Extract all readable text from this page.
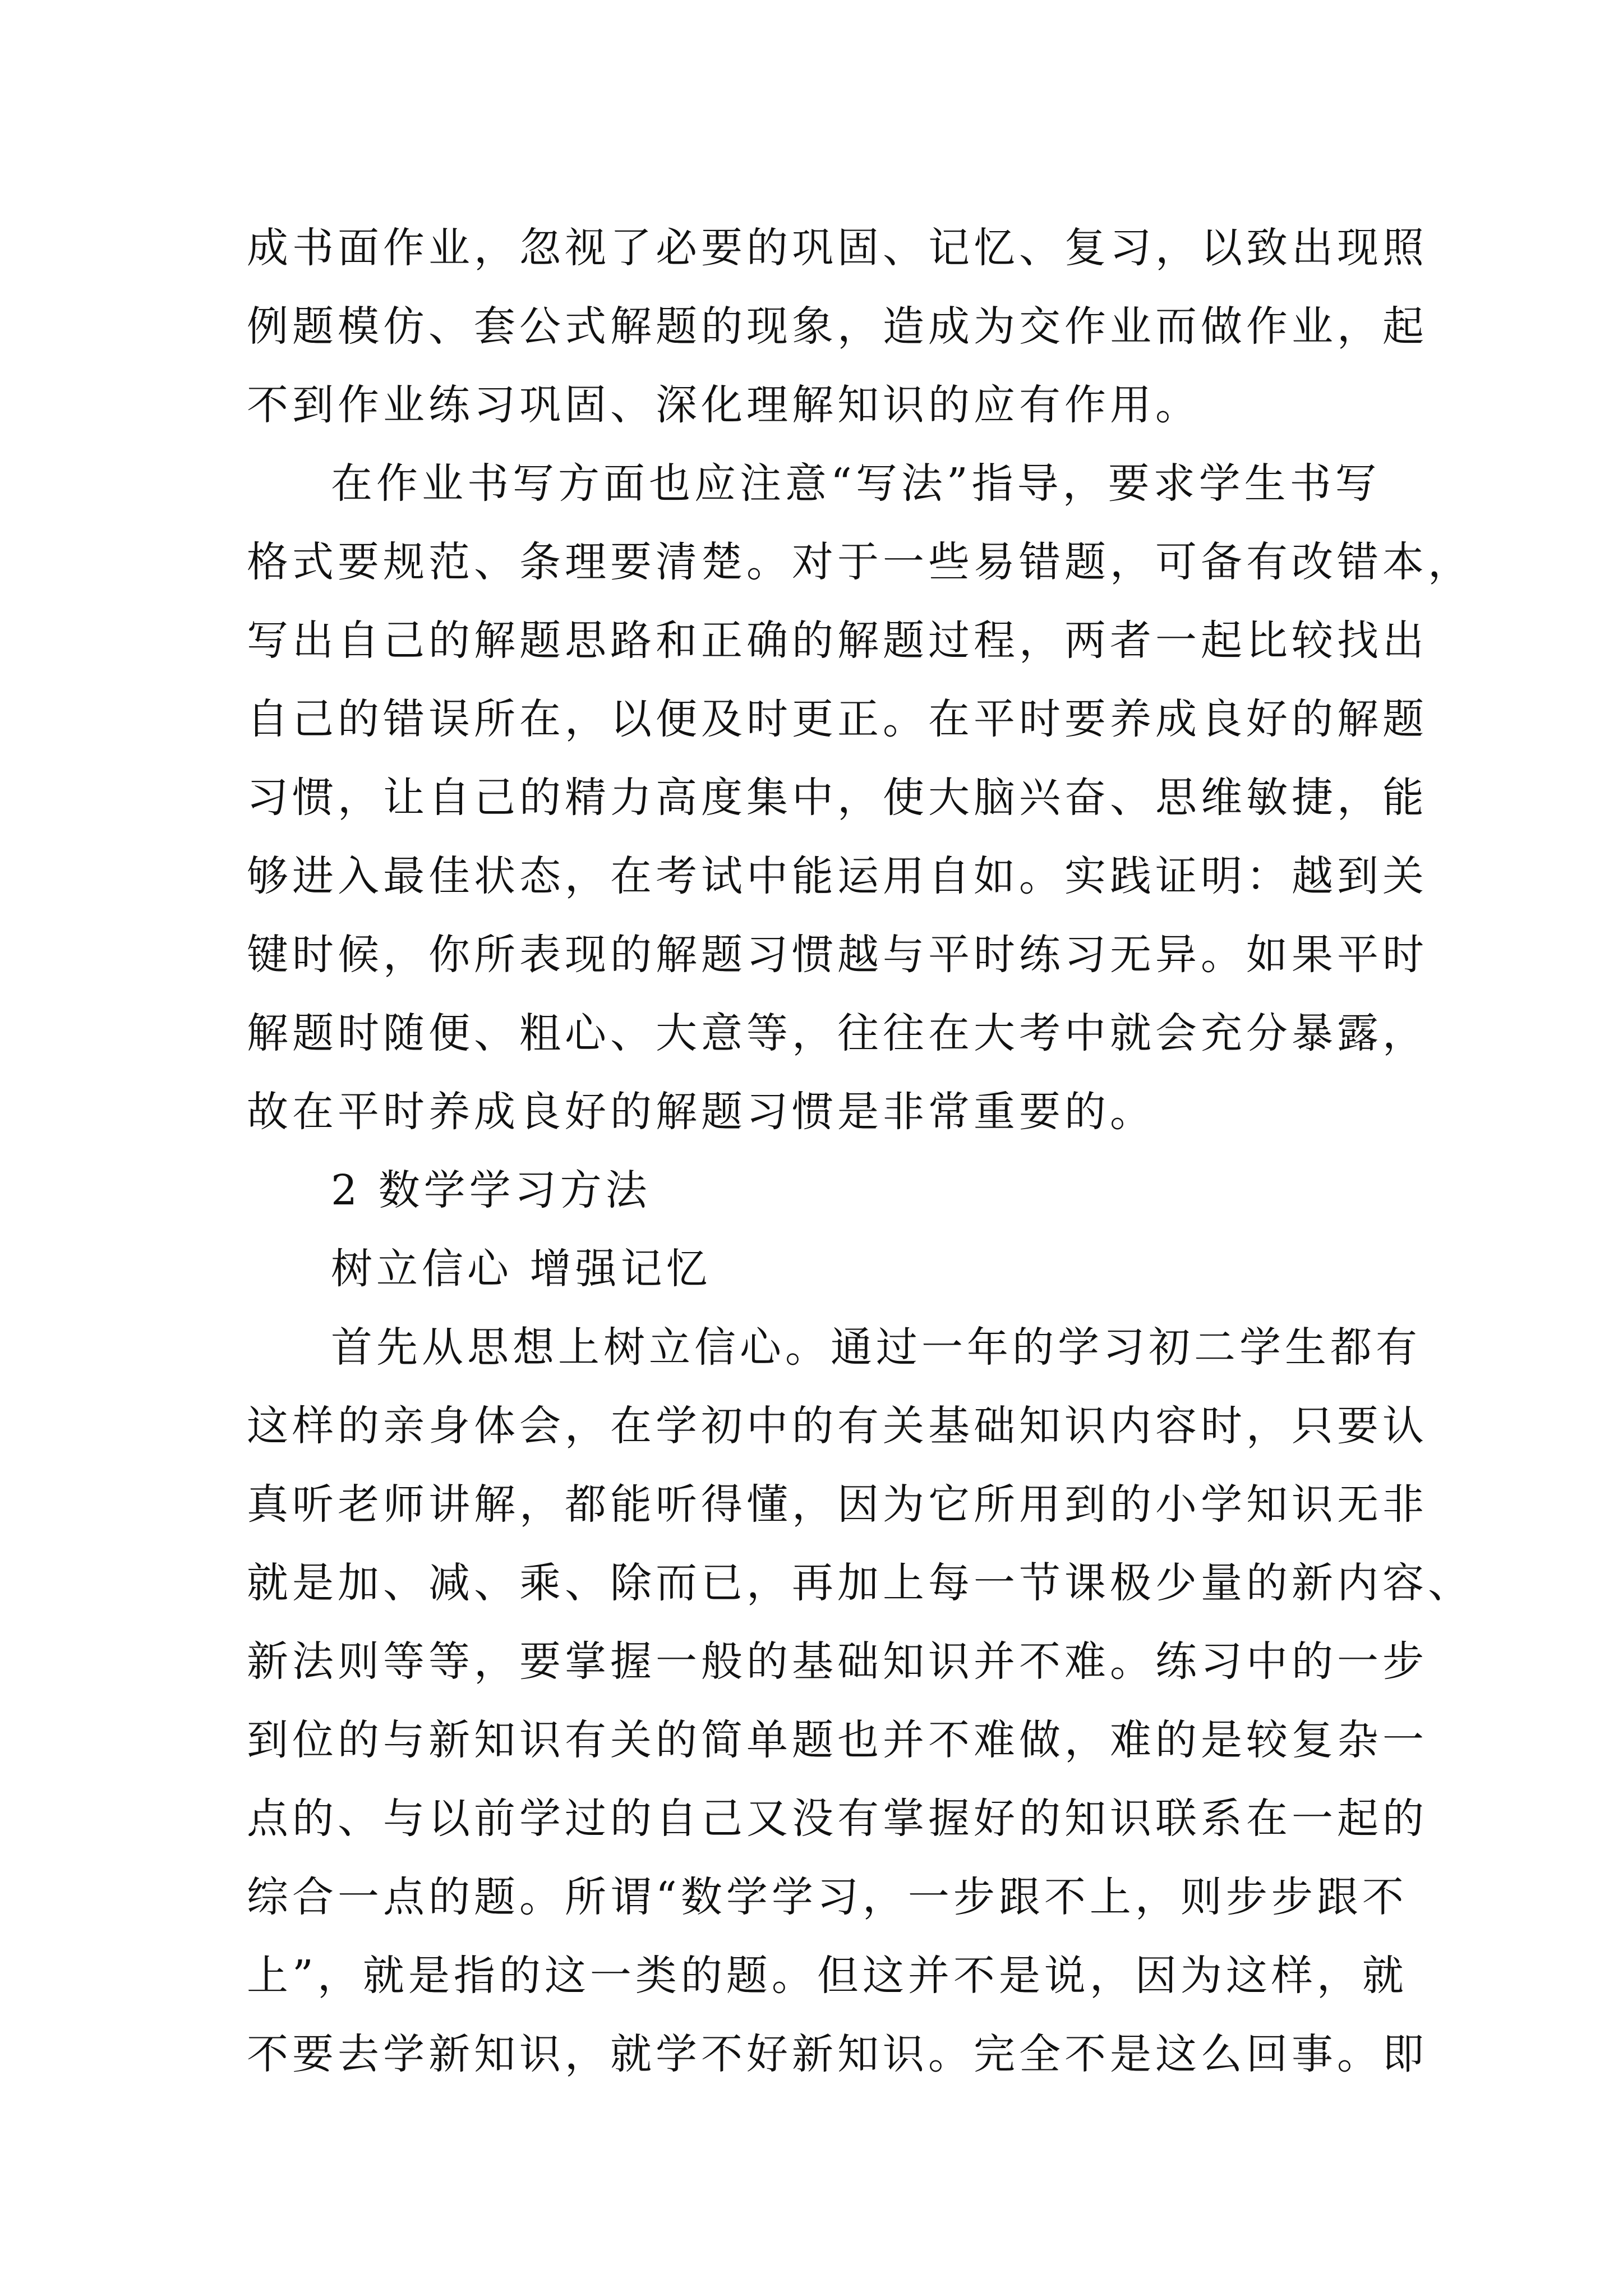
成书面作业，忽视了必要的巩固、记忆、复习，以致出现照
例题模仿、套公式解题的现象，造成为交作业而做作业，起
不到作业练习巩固、深化理解知识的应有作用。
在作业书写方面也应注意“写法”指导，要求学生书写
格式要规范、条理要清楚。对于一些易错题，可备有改错本，
写出自己的解题思路和正确的解题过程，两者一起比较找出
自己的错误所在，以便及时更正。在平时要养成良好的解题
习惯，让自己的精力高度集中，使大脑兴奋、思维敏捷，能
够进入最佳状态，在考试中能运用自如。实践证明：越到关
键时候，你所表现的解题习惯越与平时练习无异。如果平时
解题时随便、粗心、大意等，往往在大考中就会充分暴露，
故在平时养成良好的解题习惯是非常重要的。
2 数学学习方法
树立信心 增强记忆
首先从思想上树立信心。通过一年的学习初二学生都有
这样的亲身体会，在学初中的有关基础知识内容时，只要认
真听老师讲解，都能听得懂，因为它所用到的小学知识无非
就是加、减、乘、除而已，再加上每一节课极少量的新内容、
新法则等等，要掌握一般的基础知识并不难。练习中的一步
到位的与新知识有关的简单题也并不难做，难的是较复杂一
点的、与以前学过的自己又没有掌握好的知识联系在一起的
综合一点的题。所谓“数学学习，一步跟不上，则步步跟不
上”，就是指的这一类的题。但这并不是说，因为这样，就
不要去学新知识，就学不好新知识。完全不是这么回事。即
